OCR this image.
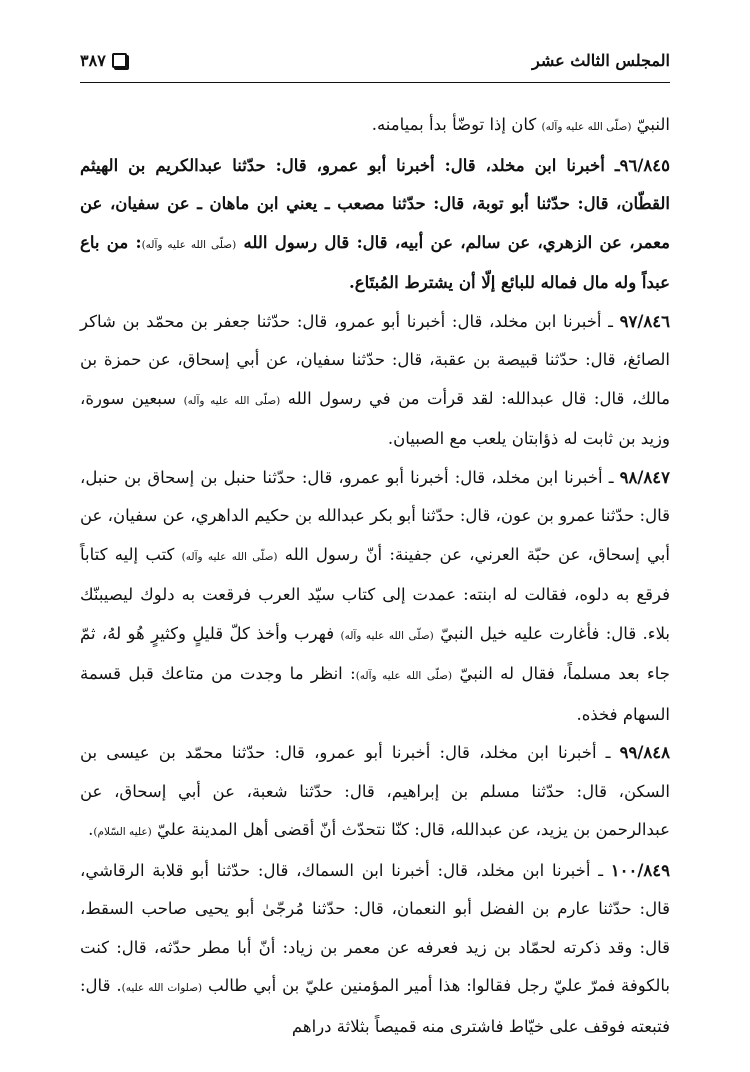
المجلس الثالث عشر
٣٨٧

النبيّ (صلّى الله عليه وآله) كان إذا توضّأ بدأ بميامنه.

٩٦/٨٤٥ـ أخبرنا ابن مخلد، قال: أخبرنا أبو عمرو، قال: حدّثنا عبدالكريم بن الهيثم القطّان، قال: حدّثنا أبو توبة، قال: حدّثنا مصعب ـ يعني ابن ماهان ـ عن سفيان، عن معمر، عن الزهري، عن سالم، عن أبيه، قال: قال رسول الله (صلّى الله عليه وآله): من باع عبداً وله مال فماله للبائع إلّا أن يشترط المُبتَاع.

٩٧/٨٤٦ ـ أخبرنا ابن مخلد، قال: أخبرنا أبو عمرو، قال: حدّثنا جعفر بن محمّد بن شاكر الصائغ، قال: حدّثنا قبيصة بن عقبة، قال: حدّثنا سفيان، عن أبي إسحاق، عن حمزة بن مالك، قال: قال عبدالله: لقد قرأت من في رسول الله (صلّى الله عليه وآله) سبعين سورة، وزيد بن ثابت له ذؤابتان يلعب مع الصبيان.

٩٨/٨٤٧ ـ أخبرنا ابن مخلد، قال: أخبرنا أبو عمرو، قال: حدّثنا حنبل بن إسحاق بن حنبل، قال: حدّثنا عمرو بن عون، قال: حدّثنا أبو بكر عبدالله بن حكيم الداهري، عن سفيان، عن أبي إسحاق، عن حبّة العرني، عن جفينة: أنّ رسول الله (صلّى الله عليه وآله) كتب إليه كتاباً فرقع به دلوه، فقالت له ابنته: عمدت إلى كتاب سيّد العرب فرقعت به دلوك ليصيبنّك بلاء. قال: فأغارت عليه خيل النبيّ (صلّى الله عليه وآله) فهرب وأخذ كلّ قليلٍ وكثيرٍ هُو لهُ، ثمّ جاء بعد مسلماً، فقال له النبيّ (صلّى الله عليه وآله): انظر ما وجدت من متاعك قبل قسمة السهام فخذه.

٩٩/٨٤٨ ـ أخبرنا ابن مخلد، قال: أخبرنا أبو عمرو، قال: حدّثنا محمّد بن عيسى بن السكن، قال: حدّثنا مسلم بن إبراهيم، قال: حدّثنا شعبة، عن أبي إسحاق، عن عبدالرحمن بن يزيد، عن عبدالله، قال: كنّا نتحدّث أنّ أقضى أهل المدينة عليّ (عليه السّلام).

١٠٠/٨٤٩ ـ أخبرنا ابن مخلد، قال: أخبرنا ابن السماك، قال: حدّثنا أبو قلابة الرقاشي، قال: حدّثنا عارم بن الفضل أبو النعمان، قال: حدّثنا مُرجّىٰ أبو يحيى صاحب السقط، قال: وقد ذكرته لحمّاد بن زيد فعرفه عن معمر بن زياد: أنّ أبا مطر حدّثه، قال: كنت بالكوفة فمرّ عليّ رجل فقالوا: هذا أمير المؤمنين عليّ بن أبي طالب (صلوات الله عليه). قال: فتبعته فوقف على خيّاط فاشترى منه قميصاً بثلاثة دراهم
